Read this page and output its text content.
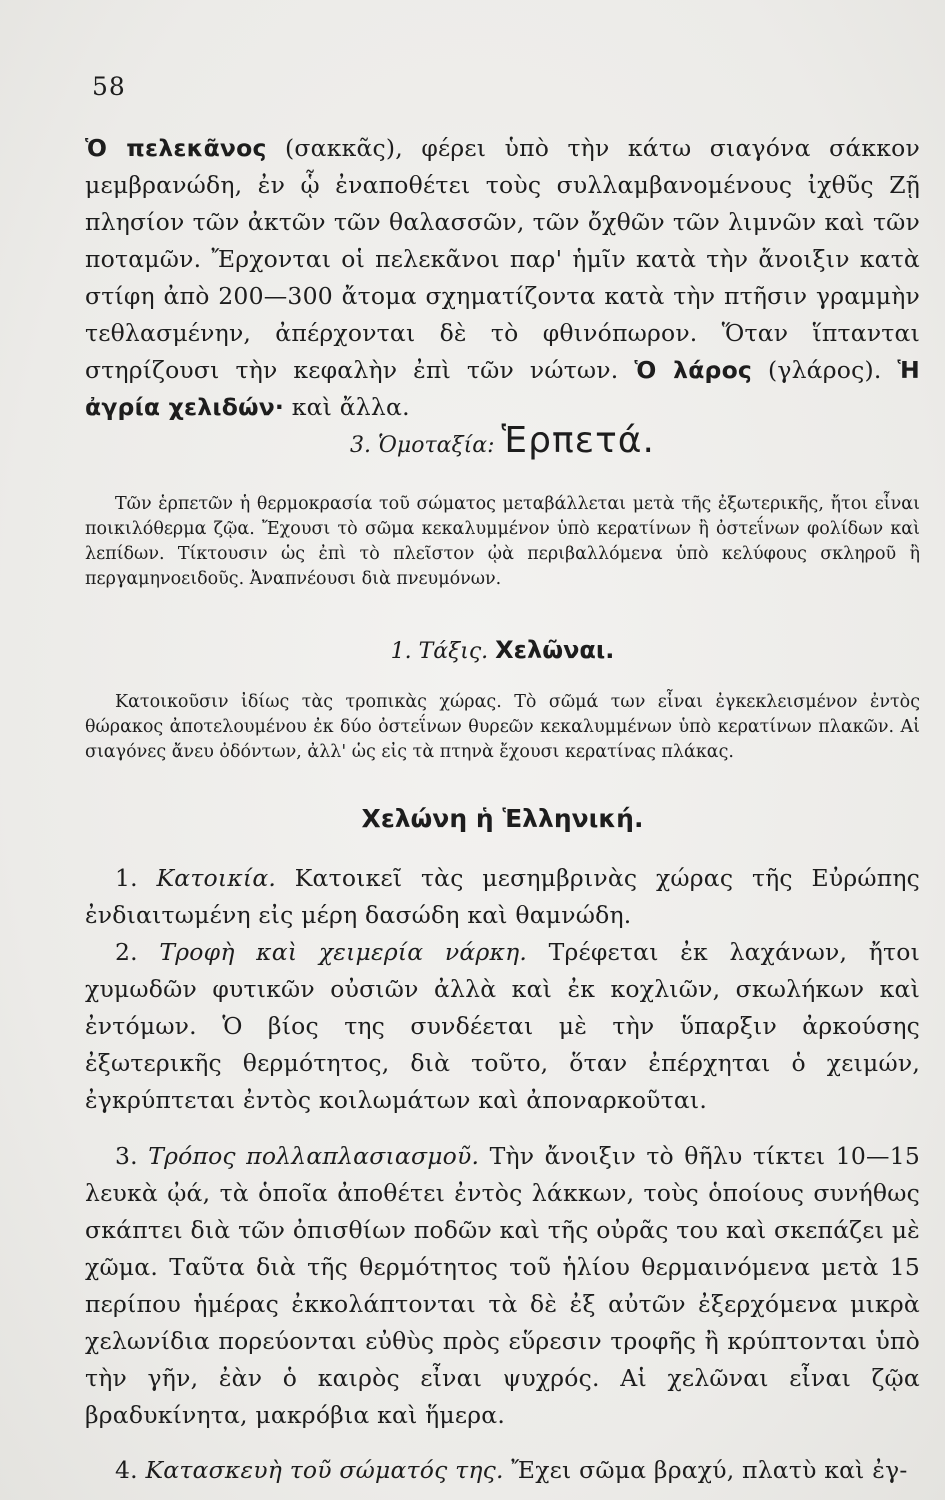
58
Ὁ πελεκᾶνος (σακκᾶς), φέρει ὑπὸ τὴν κάτω σιαγόνα σάκκον μεμβρανώδη, ἐν ᾧ ἐναποθέτει τοὺς συλλαμβανομένους ἰχθῦς Ζῇ πλησίον τῶν ἀκτῶν τῶν θαλασσῶν, τῶν ὄχθῶν τῶν λιμνῶν καὶ τῶν ποταμῶν. Ἔρχονται οἱ πελεκᾶνοι παρ' ἡμῖν κατὰ τὴν ἄνοιξιν κατὰ στίφη ἀπὸ 200—300 ἄτομα σχηματίζοντα κατὰ τὴν πτῆσιν γραμμὴν τεθλασμένην, ἀπέρχονται δὲ τὸ φθινόπωρον. Ὅταν ἵπτανται στηρίζουσι τὴν κεφαλὴν ἐπὶ τῶν νώτων. Ὁ λάρος (γλάρος). Ἡ ἀγρία χελιδών· καὶ ἄλλα.
3. Ὁμοταξία: Ἑρπετά.
Τῶν ἑρπετῶν ἡ θερμοκρασία τοῦ σώματος μεταβάλλεται μετὰ τῆς ἐξωτερικῆς, ἤτοι εἶναι ποικιλόθερμα ζῷα. Ἔχουσι τὸ σῶμα κεκαλυμμένον ὑπὸ κερατίνων ἢ ὀστεΐνων φολίδων καὶ λεπίδων. Τίκτουσιν ὡς ἐπὶ τὸ πλεῖστον ᾠὰ περιβαλλόμενα ὑπὸ κελύφους σκληροῦ ἢ περγαμηνοειδοῦς. Ἀναπνέουσι διὰ πνευμόνων.
1. Τάξις. Χελῶναι.
Κατοικοῦσιν ἰδίως τὰς τροπικὰς χώρας. Τὸ σῶμά των εἶναι ἐγκεκλεισμένον ἐντὸς θώρακος ἀποτελουμένου ἐκ δύο ὀστεΐνων θυρεῶν κεκαλυμμένων ὑπὸ κερατίνων πλακῶν. Αἱ σιαγόνες ἄνευ ὀδόντων, ἀλλ' ὡς εἰς τὰ πτηνὰ ἔχουσι κερατίνας πλάκας.
Χελώνη ἡ Ἑλληνική.
1. Κατοικία. Κατοικεῖ τὰς μεσημβρινὰς χώρας τῆς Εὐρώπης ἐνδιαιτωμένη εἰς μέρη δασώδη καὶ θαμνώδη.
2. Τροφὴ καὶ χειμερία νάρκη. Τρέφεται ἐκ λαχάνων, ἤτοι χυμωδῶν φυτικῶν οὐσιῶν ἀλλὰ καὶ ἐκ κοχλιῶν, σκωλήκων καὶ ἐντόμων. Ὁ βίος της συνδέεται μὲ τὴν ὕπαρξιν ἀρκούσης ἐξωτερικῆς θερμότητος, διὰ τοῦτο, ὅταν ἐπέρχηται ὁ χειμών, ἐγκρύπτεται ἐντὸς κοιλωμάτων καὶ ἀποναρκοῦται.
3. Τρόπος πολλαπλασιασμοῦ. Τὴν ἄνοιξιν τὸ θῆλυ τίκτει 10—15 λευκὰ ᾠά, τὰ ὁποῖα ἀποθέτει ἐντὸς λάκκων, τοὺς ὁποίους συνήθως σκάπτει διὰ τῶν ὀπισθίων ποδῶν καὶ τῆς οὐρᾶς του καὶ σκεπάζει μὲ χῶμα. Ταῦτα διὰ τῆς θερμότητος τοῦ ἡλίου θερμαινόμενα μετὰ 15 περίπου ἡμέρας ἐκκολάπτονται τὰ δὲ ἐξ αὐτῶν ἐξερχόμενα μικρὰ χελωνίδια πορεύονται εὐθὺς πρὸς εὕρεσιν τροφῆς ἢ κρύπτονται ὑπὸ τὴν γῆν, ἐὰν ὁ καιρὸς εἶναι ψυχρός. Αἱ χελῶναι εἶναι ζῷα βραδυκίνητα, μακρόβια καὶ ἥμερα.
4. Κατασκευὴ τοῦ σώματός της. Ἔχει σῶμα βραχύ, πλατὺ καὶ ἐγ-
